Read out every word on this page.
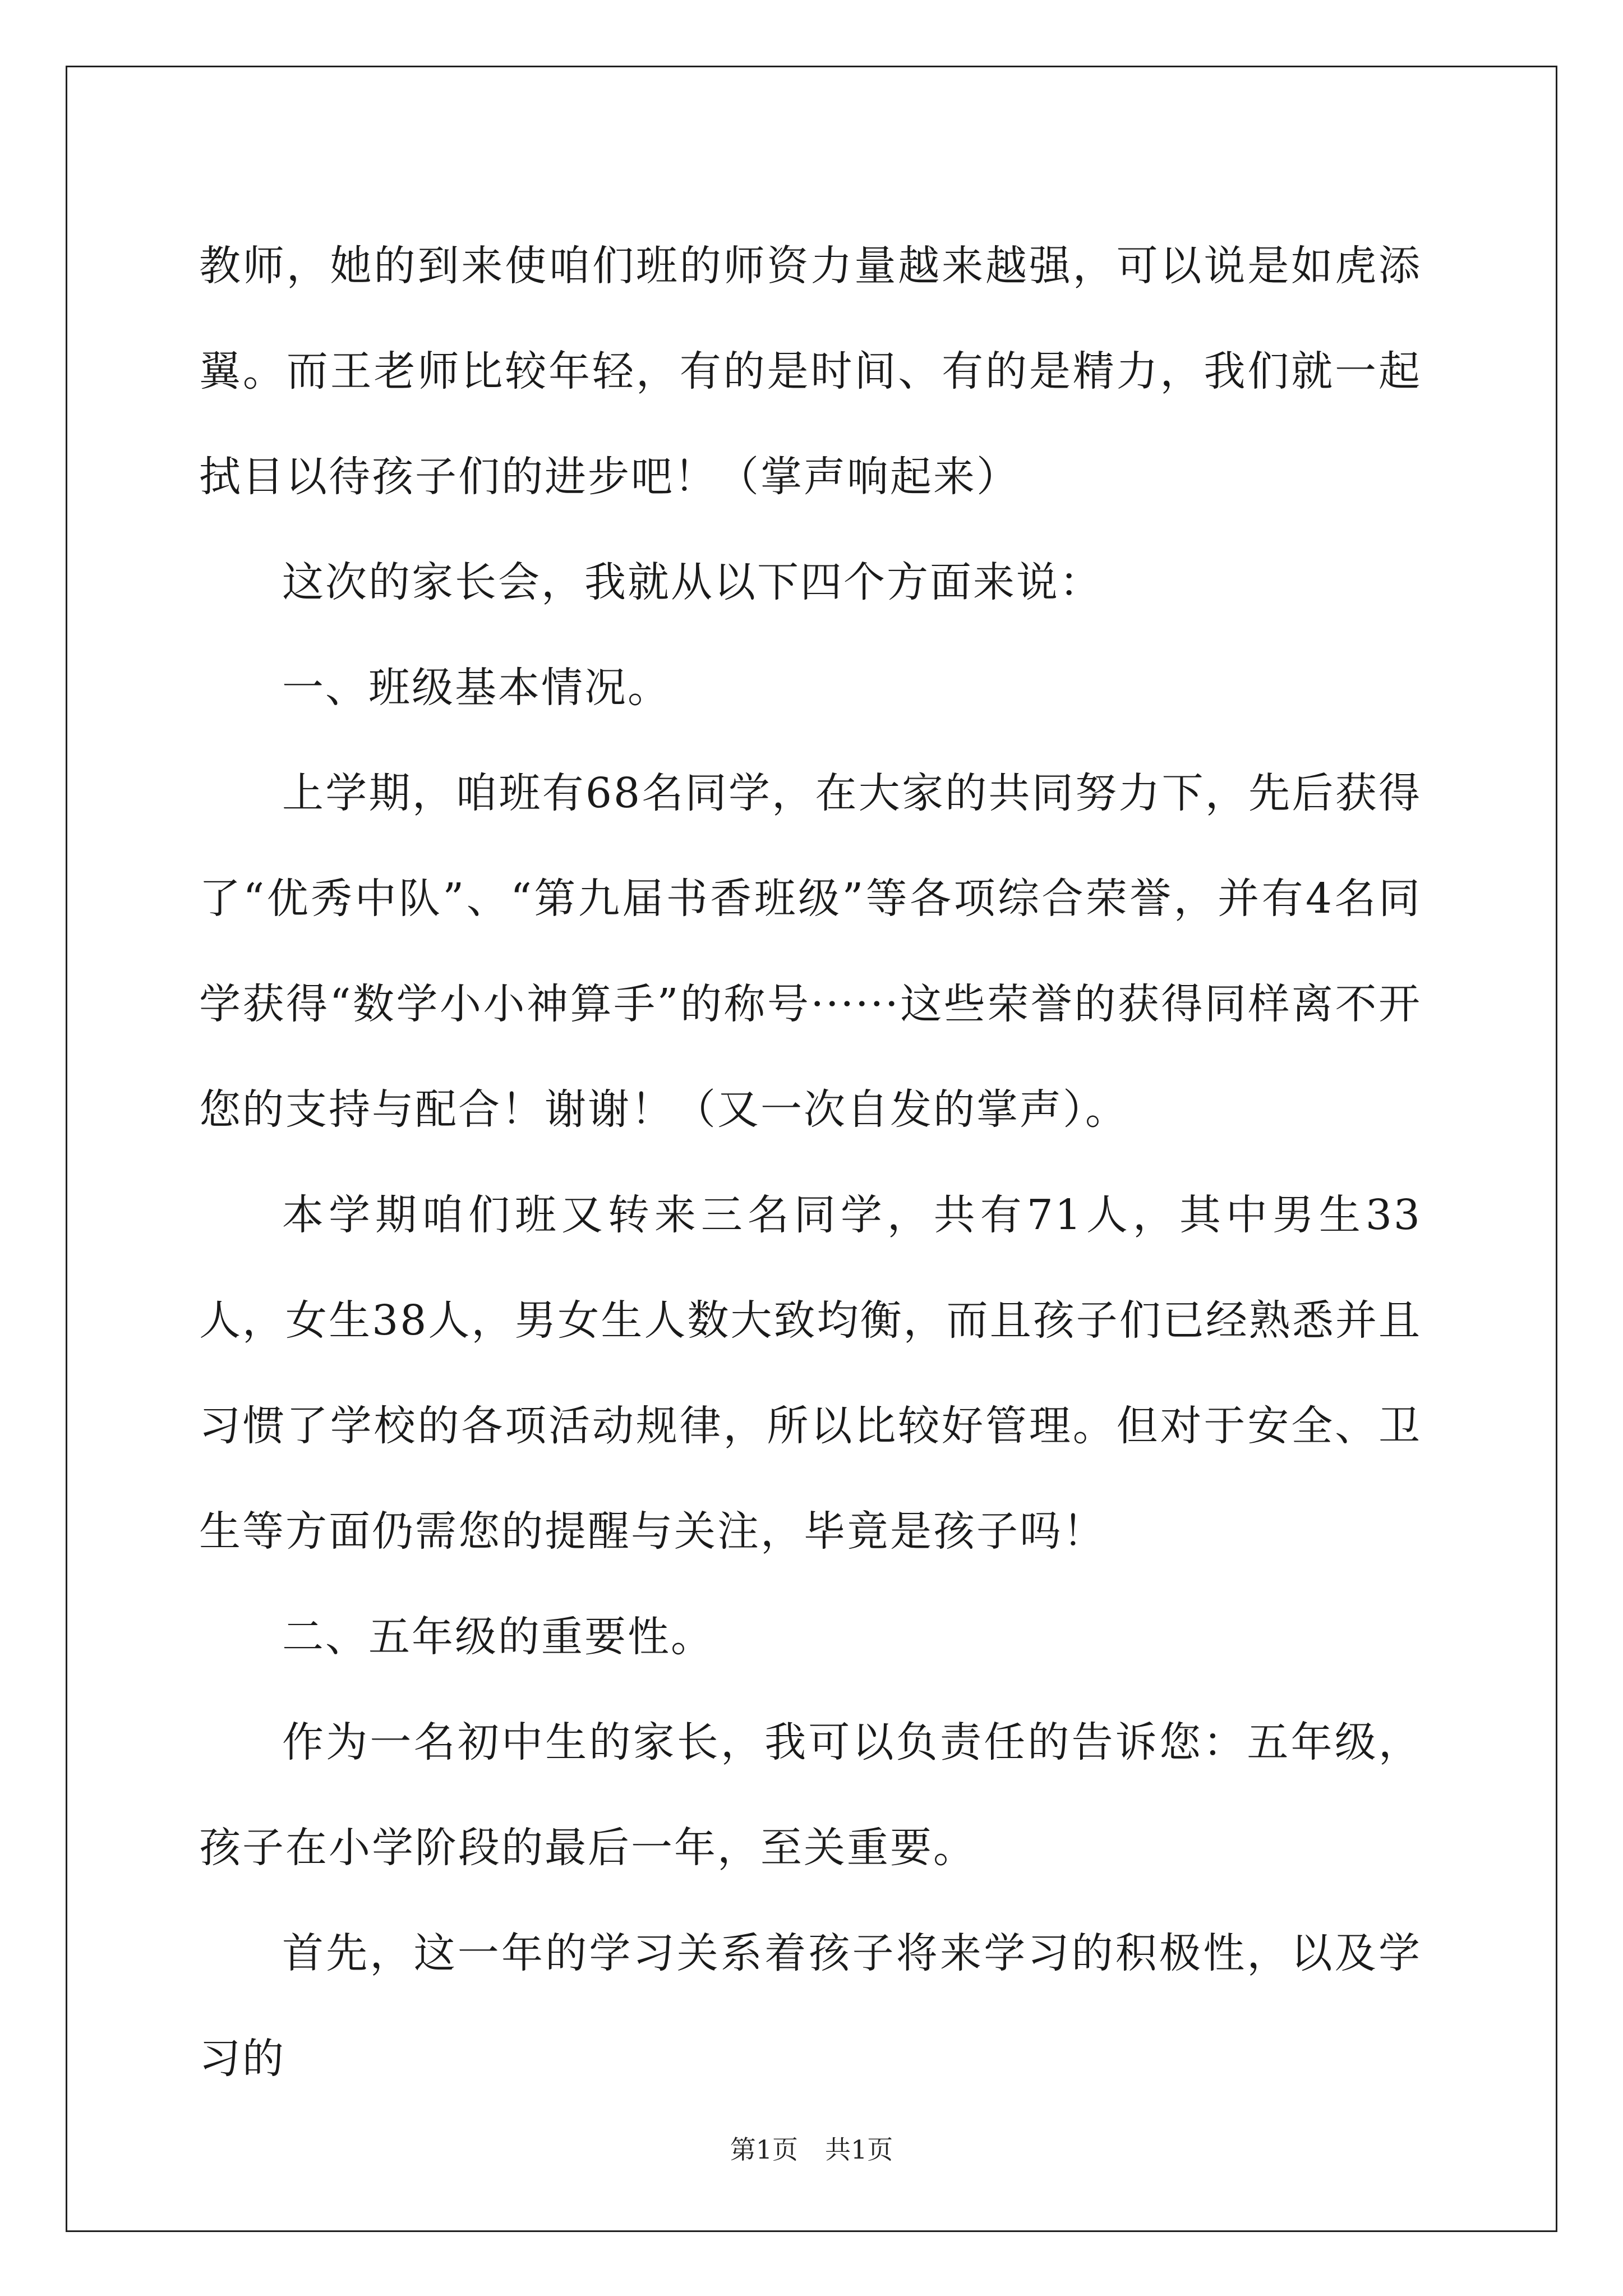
教师，她的到来使咱们班的师资力量越来越强，可以说是如虎添翼。而王老师比较年轻，有的是时间、有的是精力，我们就一起拭目以待孩子们的进步吧！（掌声响起来）

这次的家长会，我就从以下四个方面来说：

一、班级基本情况。

上学期，咱班有68名同学，在大家的共同努力下，先后获得了“优秀中队”、“第九届书香班级”等各项综合荣誉，并有4名同学获得“数学小小神算手”的称号······这些荣誉的获得同样离不开您的支持与配合！谢谢！（又一次自发的掌声）。

本学期咱们班又转来三名同学，共有71人，其中男生33人，女生38人，男女生人数大致均衡，而且孩子们已经熟悉并且习惯了学校的各项活动规律，所以比较好管理。但对于安全、卫生等方面仍需您的提醒与关注，毕竟是孩子吗！

二、五年级的重要性。

作为一名初中生的家长，我可以负责任的告诉您：五年级，孩子在小学阶段的最后一年，至关重要。

首先，这一年的学习关系着孩子将来学习的积极性，以及学习的

第1页 共1页
